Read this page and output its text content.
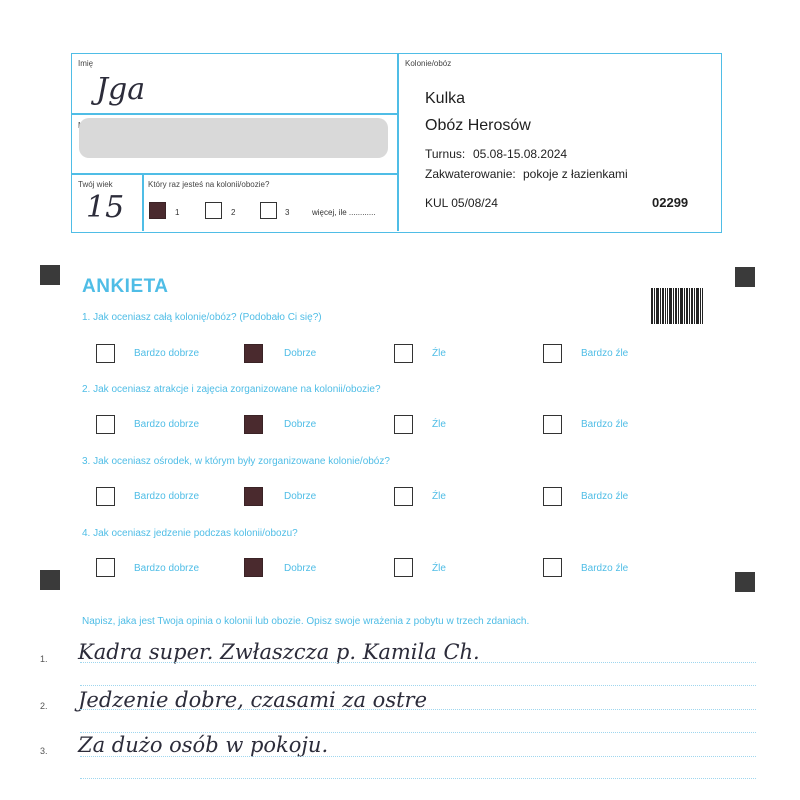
Imię
Jga
Twój wiek
15
Który raz jesteś na kolonii/obozie?
1	2	3	więcej, ile ............
Kolonie/obóz
Kulka
Obóz Herosów
Turnus: 05.08-15.08.2024
Zakwaterowanie: pokoje z łazienkami
KUL 05/08/24	02299
ANKIETA
1. Jak oceniasz całą kolonię/obóz? (Podobało Ci się?)
2. Jak oceniasz atrakcje i zajęcia zorganizowane na kolonii/obozie?
3. Jak oceniasz ośrodek, w którym były zorganizowane kolonie/obóz?
4. Jak oceniasz jedzenie podczas kolonii/obozu?
Bardzo dobrze	Dobrze	Źle	Bardzo źle
Bardzo dobrze	Dobrze	Źle	Bardzo źle
Bardzo dobrze	Dobrze	Źle	Bardzo źle
Bardzo dobrze	Dobrze	Źle	Bardzo źle
Napisz, jaka jest Twoja opinia o kolonii lub obozie. Opisz swoje wrażenia z pobytu w trzech zdaniach.
1. Kadra super. Zwłaszcza p. Kamila Ch.
2. Jedzenie dobre, czasami za ostre
3. Za dużo osób w pokoju.
